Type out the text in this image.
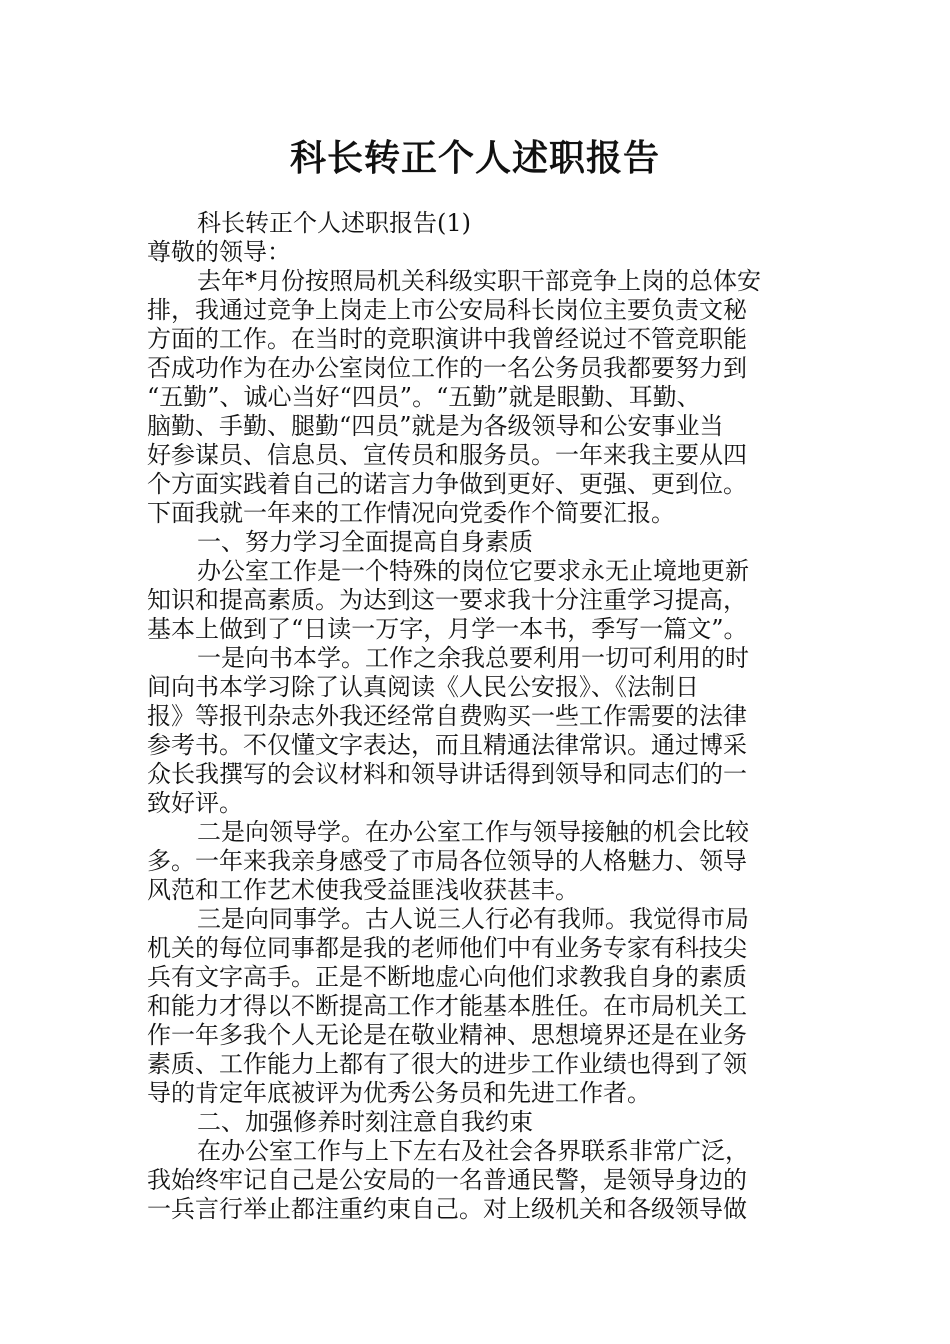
科长转正个人述职报告

科长转正个人述职报告(1)

尊敬的领导：

去年*月份按照局机关科级实职干部竞争上岗的总体安

排，我通过竞争上岗走上市公安局科长岗位主要负责文秘

方面的工作。在当时的竞职演讲中我曾经说过不管竞职能

否成功作为在办公室岗位工作的一名公务员我都要努力到

“五勤”、诚心当好“四员”。“五勤”就是眼勤、耳勤、

脑勤、手勤、腿勤“四员”就是为各级领导和公安事业当

好参谋员、信息员、宣传员和服务员。一年来我主要从四

个方面实践着自己的诺言力争做到更好、更强、更到位。

下面我就一年来的工作情况向党委作个简要汇报。

一、努力学习全面提高自身素质

办公室工作是一个特殊的岗位它要求永无止境地更新

知识和提高素质。为达到这一要求我十分注重学习提高，

基本上做到了“日读一万字，月学一本书，季写一篇文”。

一是向书本学。工作之余我总要利用一切可利用的时

间向书本学习除了认真阅读《人民公安报》、《法制日

报》等报刊杂志外我还经常自费购买一些工作需要的法律

参考书。不仅懂文字表达，而且精通法律常识。通过博采

众长我撰写的会议材料和领导讲话得到领导和同志们的一

致好评。

二是向领导学。在办公室工作与领导接触的机会比较

多。一年来我亲身感受了市局各位领导的人格魅力、领导

风范和工作艺术使我受益匪浅收获甚丰。

三是向同事学。古人说三人行必有我师。我觉得市局

机关的每位同事都是我的老师他们中有业务专家有科技尖

兵有文字高手。正是不断地虚心向他们求教我自身的素质

和能力才得以不断提高工作才能基本胜任。在市局机关工

作一年多我个人无论是在敬业精神、思想境界还是在业务

素质、工作能力上都有了很大的进步工作业绩也得到了领

导的肯定年底被评为优秀公务员和先进工作者。

二、加强修养时刻注意自我约束

在办公室工作与上下左右及社会各界联系非常广泛，

我始终牢记自己是公安局的一名普通民警，是领导身边的

一兵言行举止都注重约束自己。对上级机关和各级领导做
